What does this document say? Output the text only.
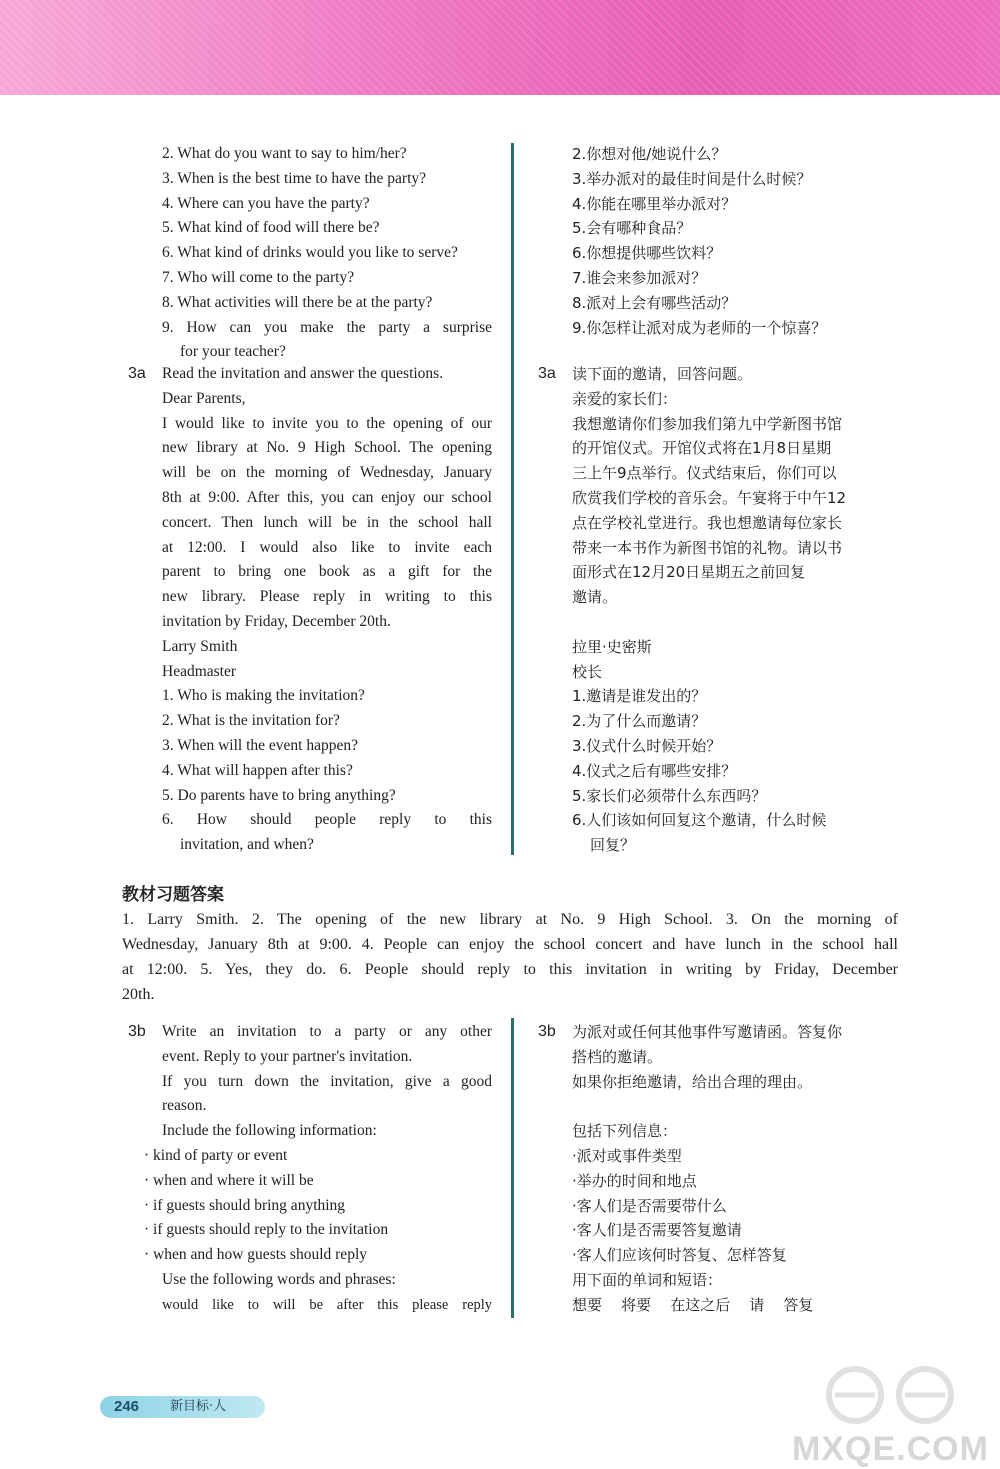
2. What do you want to say to him/her?
3. When is the best time to have the party?
4. Where can you have the party?
5. What kind of food will there be?
6. What kind of drinks would you like to serve?
7. Who will come to the party?
8. What activities will there be at the party?
9. How can you make the party a surprise
for your teacher?
2.你想对他/她说什么？
3.举办派对的最佳时间是什么时候？
4.你能在哪里举办派对？
5.会有哪种食品？
6.你想提供哪些饮料？
7.谁会来参加派对？
8.派对上会有哪些活动？
9.你怎样让派对成为老师的一个惊喜？
3a Read the invitation and answer the questions.
Dear Parents,
I would like to invite you to the opening of our
new library at No. 9 High School. The opening
will be on the morning of Wednesday, January
8th at 9:00. After this, you can enjoy our school
concert. Then lunch will be in the school hall
at 12:00. I would also like to invite each
parent to bring one book as a gift for the
new library. Please reply in writing to this
invitation by Friday, December 20th.
Larry Smith
Headmaster
1. Who is making the invitation?
2. What is the invitation for?
3. When will the event happen?
4. What will happen after this?
5. Do parents have to bring anything?
6. How should people reply to this
invitation, and when?
3a 读下面的邀请，回答问题。
亲爱的家长们：
我想邀请你们参加我们第九中学新图书馆
的开馆仪式。开馆仪式将在1月8日星期
三上午9点举行。仪式结束后，你们可以
欣赏我们学校的音乐会。午宴将于中午12
点在学校礼堂进行。我也想邀请每位家长
带来一本书作为新图书馆的礼物。请以书
面形式在12月20日星期五之前回复
邀请。

拉里·史密斯
校长
1.邀请是谁发出的？
2.为了什么而邀请？
3.仪式什么时候开始？
4.仪式之后有哪些安排？
5.家长们必须带什么东西吗？
6.人们该如何回复这个邀请，什么时候
回复？
教材习题答案
1. Larry Smith. 2. The opening of the new library at No. 9 High School. 3. On the morning of
Wednesday, January 8th at 9:00. 4. People can enjoy the school concert and have lunch in the school hall
at 12:00. 5. Yes, they do. 6. People should reply to this invitation in writing by Friday, December
20th.
3b Write an invitation to a party or any other
event. Reply to your partner's invitation.
If you turn down the invitation, give a good
reason.
Include the following information:
· kind of party or event
· when and where it will be
· if guests should bring anything
· if guests should reply to the invitation
· when and how guests should reply
Use the following words and phrases:
would like to will be after this please reply
3b 为派对或任何其他事件写邀请函。答复你
搭档的邀请。
如果你拒绝邀请，给出合理的理由。

包括下列信息：
·派对或事件类型
·举办的时间和地点
·客人们是否需要带什么
·客人们是否需要答复邀请
·客人们应该何时答复、怎样答复
用下面的单词和短语：
想要 将要 在这之后 请 答复
246 新目标·人
MXQE.COM
